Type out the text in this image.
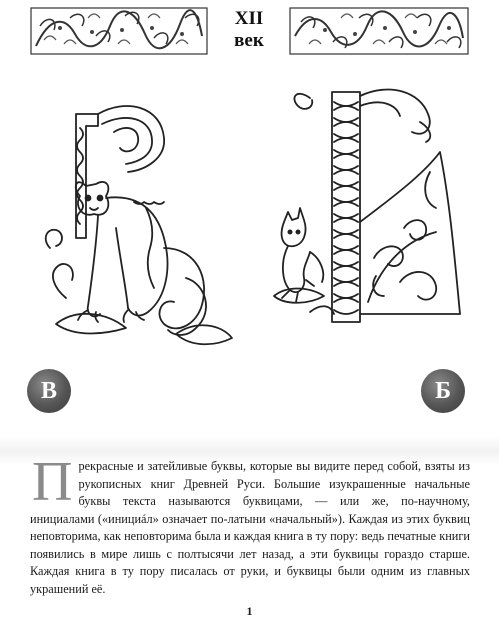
XII
век
В	Б
П рекрасные и затейливые буквы, которые вы видите перед собой, взяты из рукописных книг Древней Руси. Большие изукрашенные начальные буквы текста называются буквицами, — или же, по-научному, инициалами («инициáл» означает по-латыни «начальный»). Каждая из этих буквиц неповторима, как неповторима была и каждая книга в ту пору: ведь печатные книги появились в мире лишь с полтысячи лет назад, а эти буквицы гораздо старше. Каждая книга в ту пору писалась от руки, и буквицы были одним из главных украшений её.
1
